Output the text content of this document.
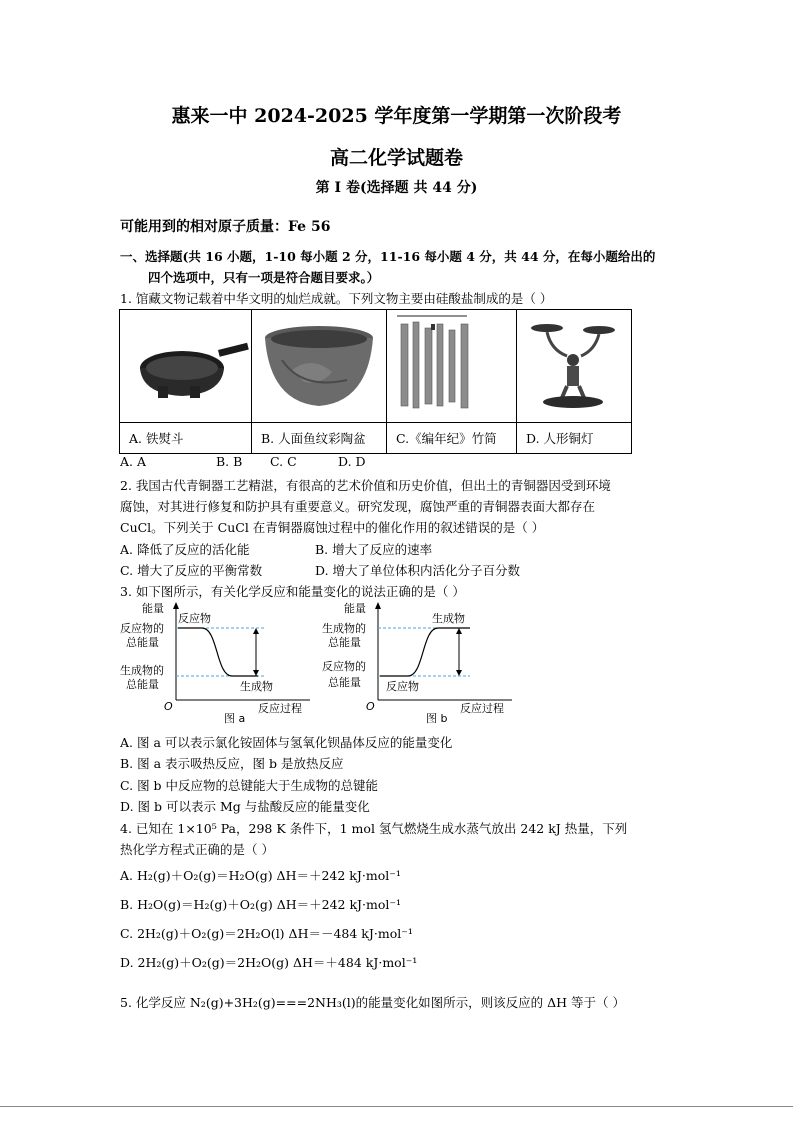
惠来一中 2024-2025 学年度第一学期第一次阶段考
高二化学试题卷
第 I 卷(选择题 共 44 分)
可能用到的相对原子质量：Fe 56
一、选择题(共 16 小题，1-10 每小题 2 分，11-16 每小题 4 分，共 44 分，在每小题给出的
四个选项中，只有一项是符合题目要求。）
1. 馆藏文物记载着中华文明的灿烂成就。下列文物主要由硅酸盐制成的是（ ）

A. 铁熨斗	B. 人面鱼纹彩陶盆	C.《编年纪》竹简	D. 人形铜灯
A. A	B. B C. C	D. D
2. 我国古代青铜器工艺精湛，有很高的艺术价值和历史价值，但出土的青铜器因受到环境
腐蚀，对其进行修复和防护具有重要意义。研究发现，腐蚀严重的青铜器表面大都存在
CuCl。下列关于 CuCl 在青铜器腐蚀过程中的催化作用的叙述错误的是（ ）
A. 降低了反应的活化能	B. 增大了反应的速率
C. 增大了反应的平衡常数	D. 增大了单位体积内活化分子百分数
3. 如下图所示，有关化学反应和能量变化的说法正确的是（ ）
能量
反应物
反应物的
总能量
生成物的
总能量	生成物
O	反应过程
图 a
能量
生成物
生成物的
总能量
反应物的
总能量 反应物
O	反应过程
图 b
A. 图 a 可以表示氯化铵固体与氢氧化钡晶体反应的能量变化
B. 图 a 表示吸热反应，图 b 是放热反应
C. 图 b 中反应物的总键能大于生成物的总键能
D. 图 b 可以表示 Mg 与盐酸反应的能量变化
4. 已知在 1×10⁵ Pa，298 K 条件下，1 mol 氢气燃烧生成水蒸气放出 242 kJ 热量，下列
热化学方程式正确的是（ ）
A. H₂(g)＋O₂(g)＝H₂O(g) ΔH＝＋242 kJ·mol⁻¹
B. H₂O(g)＝H₂(g)＋O₂(g) ΔH＝＋242 kJ·mol⁻¹
C. 2H₂(g)＋O₂(g)＝2H₂O(l) ΔH＝－484 kJ·mol⁻¹
D. 2H₂(g)＋O₂(g)＝2H₂O(g) ΔH＝＋484 kJ·mol⁻¹
5. 化学反应 N₂(g)+3H₂(g)===2NH₃(l)的能量变化如图所示，则该反应的 ΔH 等于（ ）
